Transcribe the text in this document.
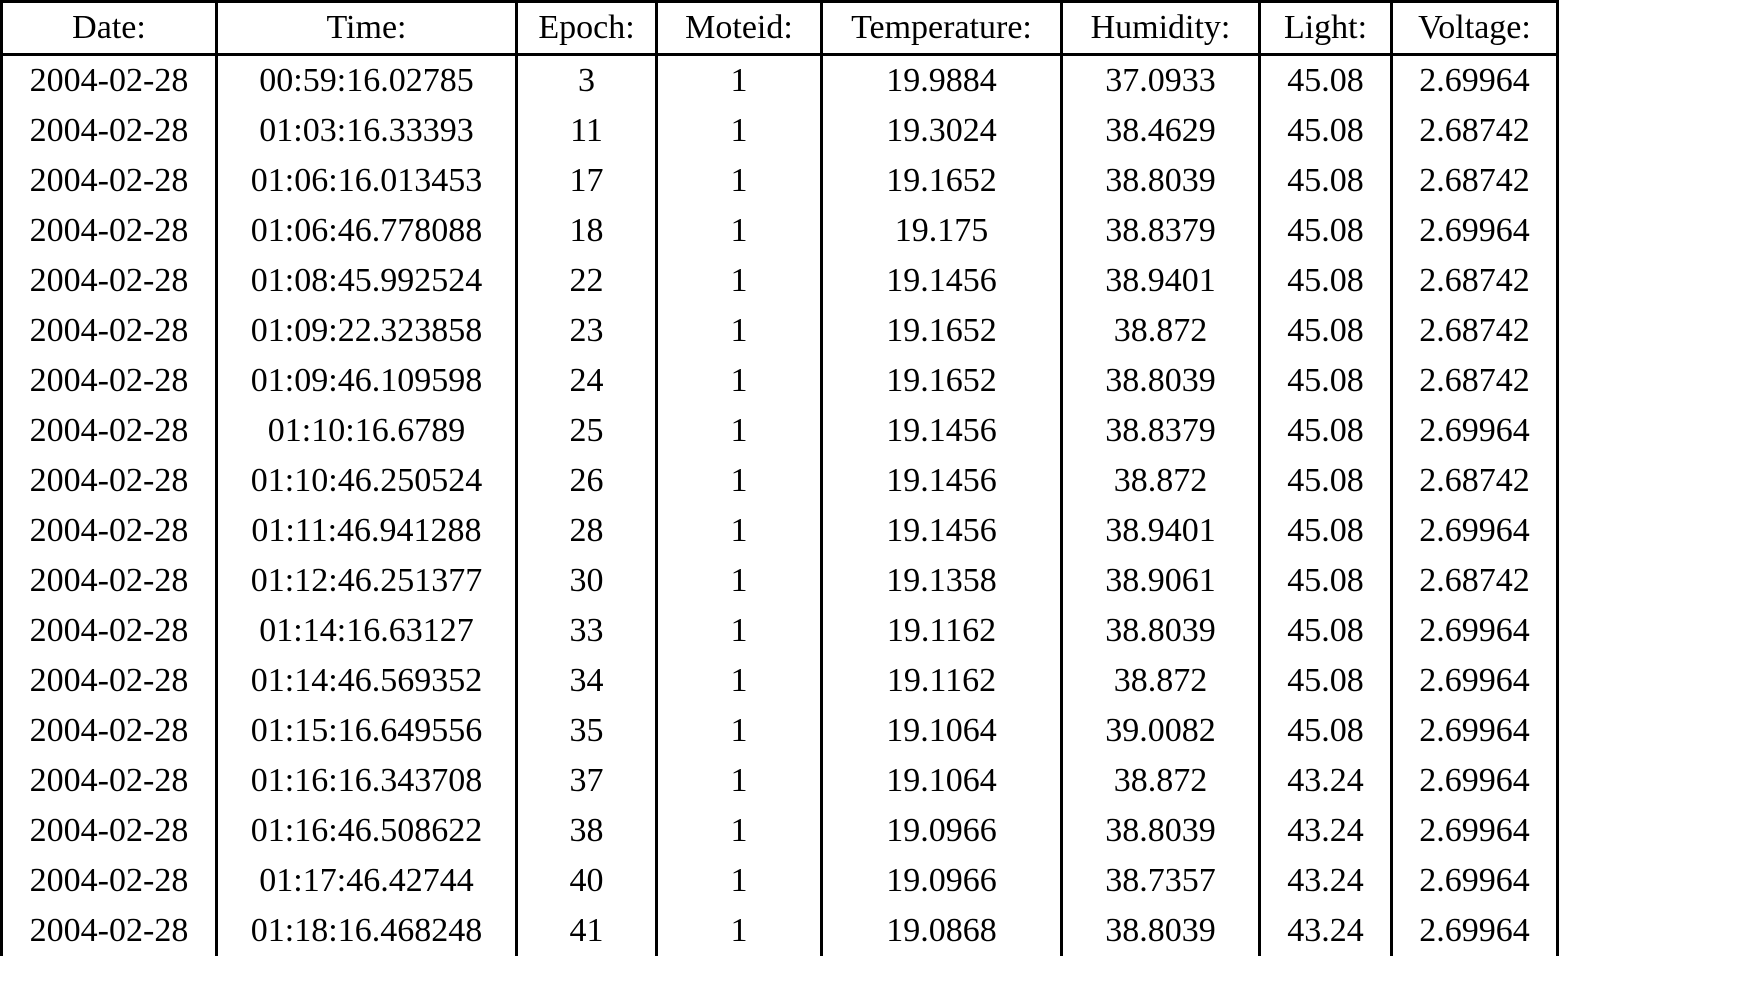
Date:	Time:	Epoch:	Moteid:	Temperature:	Humidity:	Light:	Voltage:
2004-02-28	00:59:16.02785	3	1	19.9884	37.0933	45.08	2.69964
2004-02-28	01:03:16.33393	11	1	19.3024	38.4629	45.08	2.68742
2004-02-28	01:06:16.013453	17	1	19.1652	38.8039	45.08	2.68742
2004-02-28	01:06:46.778088	18	1	19.175	38.8379	45.08	2.69964
2004-02-28	01:08:45.992524	22	1	19.1456	38.9401	45.08	2.68742
2004-02-28	01:09:22.323858	23	1	19.1652	38.872	45.08	2.68742
2004-02-28	01:09:46.109598	24	1	19.1652	38.8039	45.08	2.68742
2004-02-28	01:10:16.6789	25	1	19.1456	38.8379	45.08	2.69964
2004-02-28	01:10:46.250524	26	1	19.1456	38.872	45.08	2.68742
2004-02-28	01:11:46.941288	28	1	19.1456	38.9401	45.08	2.69964
2004-02-28	01:12:46.251377	30	1	19.1358	38.9061	45.08	2.68742
2004-02-28	01:14:16.63127	33	1	19.1162	38.8039	45.08	2.69964
2004-02-28	01:14:46.569352	34	1	19.1162	38.872	45.08	2.69964
2004-02-28	01:15:16.649556	35	1	19.1064	39.0082	45.08	2.69964
2004-02-28	01:16:16.343708	37	1	19.1064	38.872	43.24	2.69964
2004-02-28	01:16:46.508622	38	1	19.0966	38.8039	43.24	2.69964
2004-02-28	01:17:46.42744	40	1	19.0966	38.7357	43.24	2.69964
2004-02-28	01:18:16.468248	41	1	19.0868	38.8039	43.24	2.69964
